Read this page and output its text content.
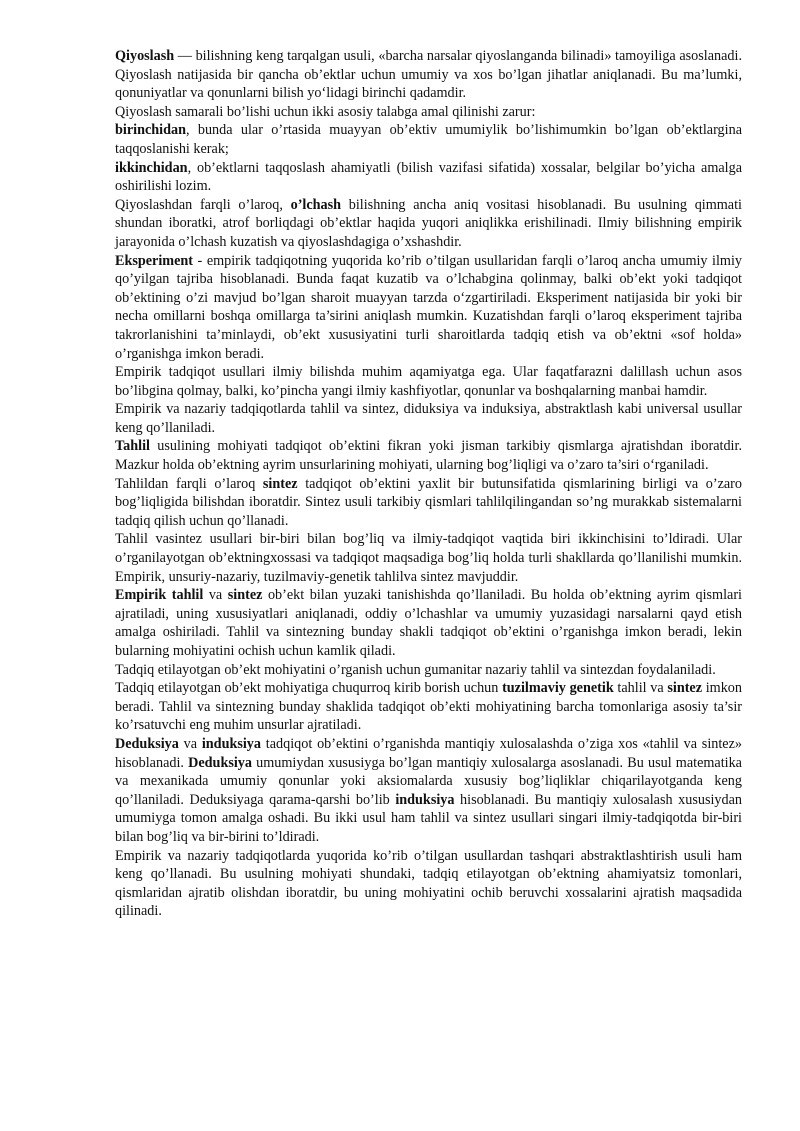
Qiyoslash — bilishning keng tarqalgan usuli, «barcha narsalar qiyoslanganda bilinadi» tamoyiliga asoslanadi. Qiyoslash natijasida bir qancha ob’ektlar uchun umumiy va xos bo’lgan jihatlar aniqlanadi. Bu ma’lumki, qonuniyatlar va qonunlarni bilish yo‘lidagi birinchi qadamdir.

Qiyoslash samarali bo’lishi uchun ikki asosiy talabga amal qilinishi zarur:

birinchidan, bunda ular o’rtasida muayyan ob’ektiv umumiylik bo’lishimumkin bo’lgan ob’ektlargina taqqoslanishi kerak;

ikkinchidan, ob’ektlarni taqqoslash ahamiyatli (bilish vazifasi sifatida) xossalar, belgilar bo’yicha amalga oshirilishi lozim.

Qiyoslashdan farqli o’laroq, o’lchash bilishning ancha aniq vositasi hisoblanadi. Bu usulning qimmati shundan iboratki, atrof borliqdagi ob’ektlar haqida yuqori aniqlikka erishilinadi. Ilmiy bilishning empirik jarayonida o’lchash kuzatish va qiyoslashdagiga o’xshashdir.

Eksperiment - empirik tadqiqotning yuqorida ko’rib o’tilgan usullaridan farqli o’laroq ancha umumiy ilmiy qo’yilgan tajriba hisoblanadi. Bunda faqat kuzatib va o’lchabgina qolinmay, balki ob’ekt yoki tadqiqot ob’ektining o’zi mavjud bo’lgan sharoit muayyan tarzda o‘zgartiriladi. Eksperiment natijasida bir yoki bir necha omillarni boshqa omillarga ta’sirini aniqlash mumkin. Kuzatishdan farqli o’laroq eksperiment tajriba takrorlanishini ta’minlaydi, ob’ekt xususiyatini turli sharoitlarda tadqiq etish va ob’ektni «sof holda» o’rganishga imkon beradi.

Empirik tadqiqot usullari ilmiy bilishda muhim aqamiyatga ega. Ular faqatfarazni dalillash uchun asos bo’libgina qolmay, balki, ko’pincha yangi ilmiy kashfiyotlar, qonunlar va boshqalarning manbai hamdir.

Empirik va nazariy tadqiqotlarda tahlil va sintez, diduksiya va induksiya, abstraktlash kabi universal usullar keng qo’llaniladi.

Tahlil usulining mohiyati tadqiqot ob’ektini fikran yoki jisman tarkibiy qismlarga ajratishdan iboratdir. Mazkur holda ob’ektning ayrim unsurlarining mohiyati, ularning bog’liqligi va o’zaro ta’siri o‘rganiladi.

Tahlildan farqli o’laroq sintez tadqiqot ob’ektini yaxlit bir butunsifatida qismlarining birligi va o’zaro bog’liqligida bilishdan iboratdir. Sintez usuli tarkibiy qismlari tahlilqilingandan so’ng murakkab sistemalarni tadqiq qilish uchun qo’llanadi.

Tahlil vasintez usullari bir-biri bilan bog’liq va ilmiy-tadqiqot vaqtida biri ikkinchisini to’ldiradi. Ular o’rganilayotgan ob’ektningxossasi va tadqiqot maqsadiga bog’liq holda turli shakllarda qo’llanilishi mumkin. Empirik, unsuriy-nazariy, tuzilmaviy-genetik tahlilva sintez mavjuddir.

Empirik tahlil va sintez ob’ekt bilan yuzaki tanishishda qo’llaniladi. Bu holda ob’ektning ayrim qismlari ajratiladi, uning xususiyatlari aniqlanadi, oddiy o’lchashlar va umumiy yuzasidagi narsalarni qayd etish amalga oshiriladi. Tahlil va sintezning bunday shakli tadqiqot ob’ektini o’rganishga imkon beradi, lekin bularning mohiyatini ochish uchun kamlik qiladi.

Tadqiq etilayotgan ob’ekt mohiyatini o’rganish uchun gumanitar nazariy tahlil va sintezdan foydalaniladi.

Tadqiq etilayotgan ob’ekt mohiyatiga chuqurroq kirib borish uchun tuzilmaviy genetik tahlil va sintez imkon beradi. Tahlil va sintezning bunday shaklida tadqiqot ob’ekti mohiyatining barcha tomonlariga asosiy ta’sir ko’rsatuvchi eng muhim unsurlar ajratiladi.

Deduksiya va induksiya tadqiqot ob’ektini o’rganishda mantiqiy xulosalashda o’ziga xos «tahlil va sintez» hisoblanadi. Deduksiya umumiydan xususiyga bo’lgan mantiqiy xulosalarga asoslanadi. Bu usul matematika va mexanikada umumiy qonunlar yoki aksiomalarda xususiy bog’liqliklar chiqarilayotganda keng qo’llaniladi. Deduksiyaga qarama-qarshi bo’lib induksiya hisoblanadi. Bu mantiqiy xulosalash xususiydan umumiyga tomon amalga oshadi. Bu ikki usul ham tahlil va sintez usullari singari ilmiy-tadqiqotda bir-biri bilan bog’liq va bir-birini to’ldiradi.

Empirik va nazariy tadqiqotlarda yuqorida ko’rib o’tilgan usullardan tashqari abstraktlashtirish usuli ham keng qo’llanadi. Bu usulning mohiyati shundaki, tadqiq etilayotgan ob’ektning ahamiyatsiz tomonlari, qismlaridan ajratib olishdan iboratdir, bu uning mohiyatini ochib beruvchi xossalarini ajratish maqsadida qilinadi.
